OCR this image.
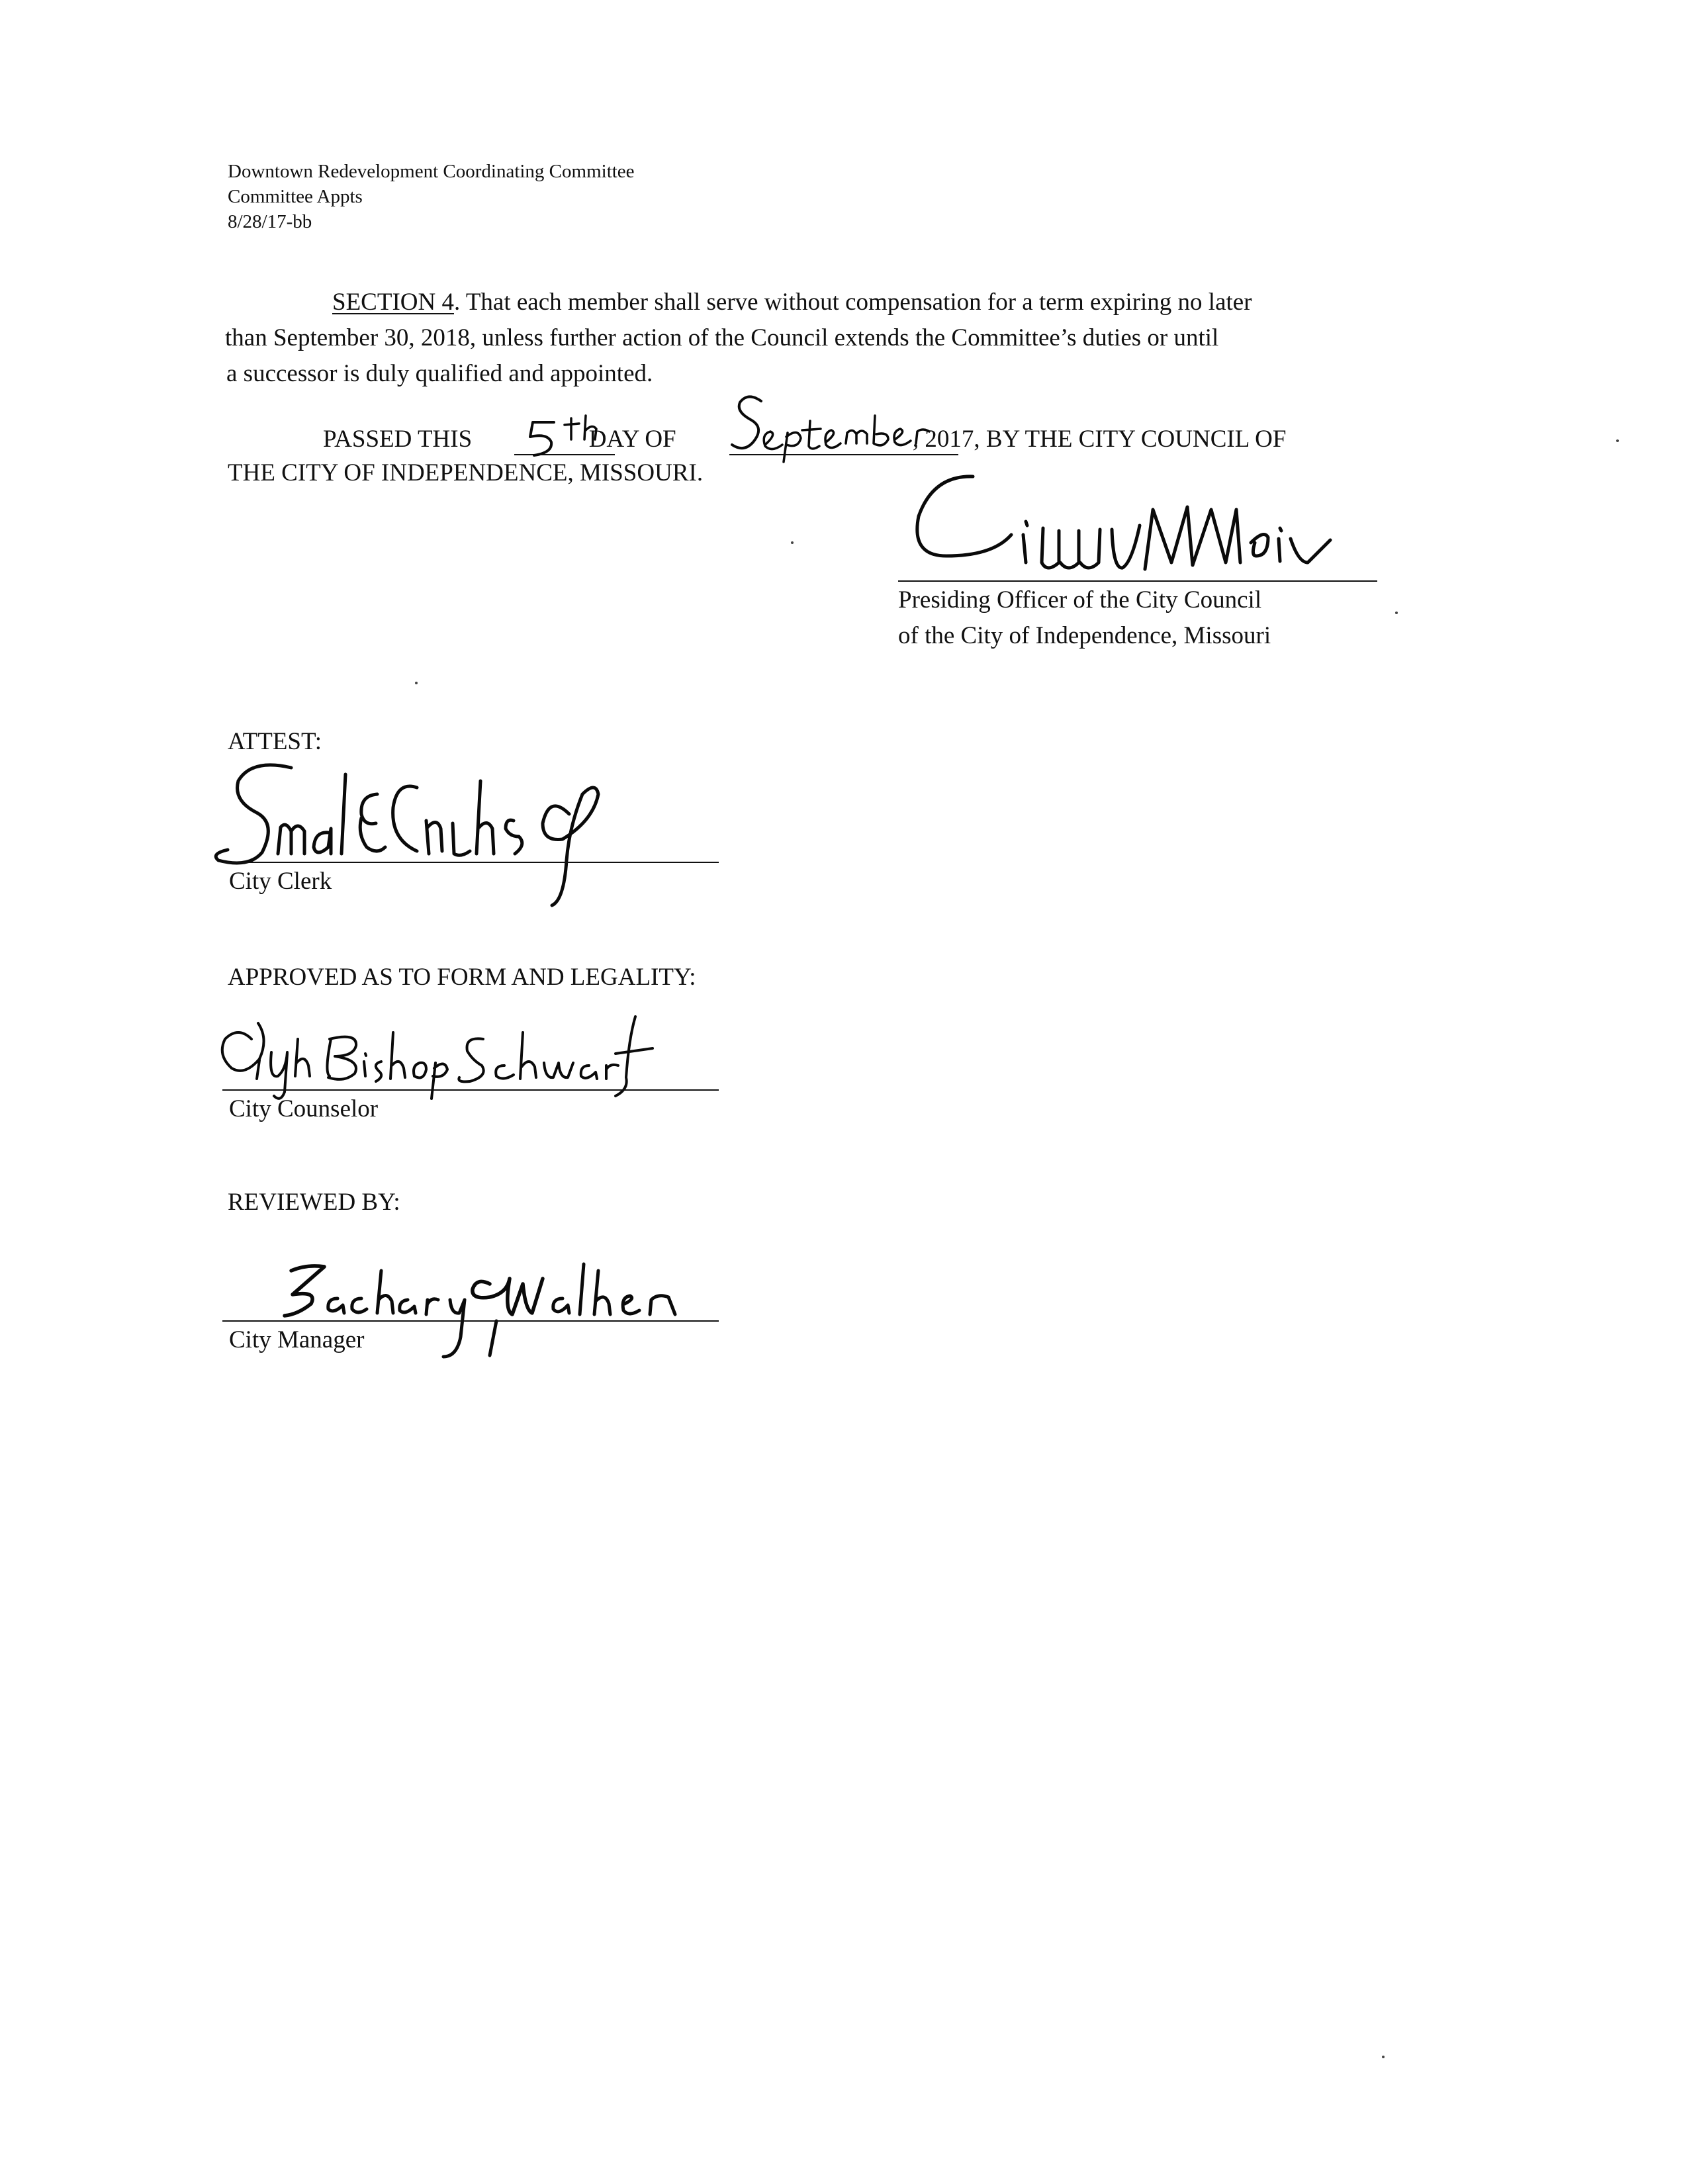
Downtown Redevelopment Coordinating Committee
Committee Appts
8/28/17-bb
SECTION 4. That each member shall serve without compensation for a term expiring no later
than September 30, 2018, unless further action of the Council extends the Committee’s duties or until
a successor is duly qualified and appointed.
PASSED THIS	DAY OF	, 2017, BY THE CITY COUNCIL OF
THE CITY OF INDEPENDENCE, MISSOURI.
Presiding Officer of the City Council
of the City of Independence, Missouri
ATTEST:
City Clerk
APPROVED AS TO FORM AND LEGALITY:
City Counselor
REVIEWED BY:
City Manager
